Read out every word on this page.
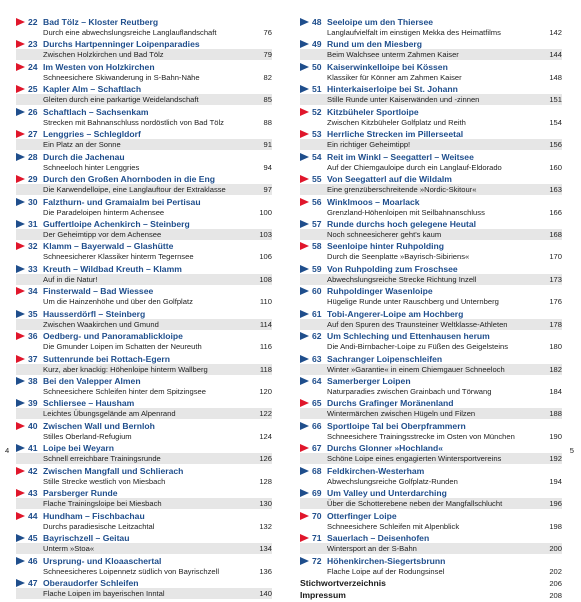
22 Bad Tölz – Kloster Reutberg
Durch eine abwechslungsreiche Langlauflandschaft	76
23 Durchs Hartpenninger Loipenparadies
Zwischen Holzkirchen und Bad Tölz	79
24 Im Westen von Holzkirchen
Schneesichere Skiwanderung in S-Bahn-Nähe	82
25 Kapler Alm – Schaftlach
Gleiten durch eine parkartige Weidelandschaft	85
26 Schaftlach – Sachsenkam
Strecken mit Bahnanschluss nordöstlich von Bad Tölz	88
27 Lenggries – Schlegldorf
Ein Platz an der Sonne	91
28 Durch die Jachenau
Schneeloch hinter Lenggries	94
29 Durch den Großen Ahornboden in die Eng
Die Karwendelloipe, eine Langlauftour der Extraklasse	97
30 Falzthurn- und Gramaialm bei Pertisau
Die Paradeloipen hinterm Achensee	100
31 Guffertloipe Achenkirch – Steinberg
Der Geheimtipp vor dem Achensee	103
32 Klamm – Bayerwald – Glashütte
Schneesicherer Klassiker hinterm Tegernsee	106
33 Kreuth – Wildbad Kreuth – Klamm
Auf in die Natur!	108
34 Finsterwald – Bad Wiessee
Um die Hainzenhöhe und über den Golfplatz	110
35 Hausserdörfl – Steinberg
Zwischen Waakirchen und Gmund	114
36 Oedberg- und Panoramablickloipe
Die Gmunder Loipen im Schatten der Neureuth	116
37 Suttenrunde bei Rottach-Egern
Kurz, aber knackig: Höhenloipe hinterm Wallberg	118
38 Bei den Valepper Almen
Schneesichere Schleifen hinter dem Spitzingsee	120
39 Schliersee – Hausham
Leichtes Übungsgelände am Alpenrand	122
40 Zwischen Wall und Bernloh
Stilles Oberland-Refugium	124
41 Loipe bei Weyarn
Schnell erreichbare Trainingsrunde	126
42 Zwischen Mangfall und Schlierach
Stille Strecke westlich von Miesbach	128
43 Parsberger Runde
Flache Trainingsloipe bei Miesbach	130
44 Hundham – Fischbachau
Durchs paradiesische Leitzachtal	132
45 Bayrischzell – Geitau
Unterm »Stoa«	134
46 Ursprung- und Kloaaschertal
Schneesicheres Loipennetz südlich von Bayrischzell	136
47 Oberaudorfer Schleifen
Flache Loipen im bayerischen Inntal	140
48 Seeloipe um den Thiersee
Langlaufvielfalt im einstigen Mekka des Heimatfilms	142
49 Rund um den Miesberg
Beim Walchsee unterm Zahmen Kaiser	144
50 Kaiserwinkelloipe bei Kössen
Klassiker für Könner am Zahmen Kaiser	148
51 Hinterkaiserloipe bei St. Johann
Stille Runde unter Kaiserwänden und -zinnen	151
52 Kitzbüheler Sportloipe
Zwischen Kitzbüheler Golfplatz und Reith	154
53 Herrliche Strecken im Pillerseetal
Ein richtiger Geheimtipp!	156
54 Reit im Winkl – Seegatterl – Weitsee
Auf der Chiemgauloipe durch ein Langlauf-Eldorado	160
55 Von Seegatterl auf die Wildalm
Eine grenzüberschreitende »Nordic-Skitour«	163
56 Winklmoos – Moarlack
Grenzland-Höhenloipen mit Seilbahnanschluss	166
57 Runde durchs hoch gelegene Heutal
Noch schneesicherer geht's kaum	168
58 Seenloipe hinter Ruhpolding
Durch die Seenplatte »Bayrisch-Sibiriens«	170
59 Von Ruhpolding zum Froschsee
Abwechslungsreiche Strecke Richtung Inzell	173
60 Ruhpoldinger Wasenloipe
Hügelige Runde unter Rauschberg und Unternberg	176
61 Tobi-Angerer-Loipe am Hochberg
Auf den Spuren des Traunsteiner Weltklasse-Athleten	178
62 Um Schleching und Ettenhausen herum
Die Andi-Birnbacher-Loipe zu Füßen des Geigelsteins	180
63 Sachranger Loipenschleifen
Winter »Garantie« in einem Chiemgauer Schneeloch	182
64 Samerberger Loipen
Naturparadies zwischen Grainbach und Törwang	184
65 Durchs Grafinger Moränenland
Wintermärchen zwischen Hügeln und Filzen	188
66 Sportloipe Tal bei Oberpframmern
Schneesichere Trainingsstrecke im Osten von München	190
67 Durchs Glonner »Hochland«
Schöne Loipe eines engagierten Wintersportvereins	192
68 Feldkirchen-Westerham
Abwechslungsreiche Golfplatz-Runden	194
69 Um Valley und Unterdarching
Über die Schotterebene neben der Mangfallschlucht	196
70 Otterfinger Loipe
Schneesichere Schleifen mit Alpenblick	198
71 Sauerlach – Deisenhofen
Wintersport an der S-Bahn	200
72 Höhenkirchen-Siegertsbrunn
Flache Loipe auf der Rodungsinsel	202
Stichwortverzeichnis	206
Impressum	208
4	5
